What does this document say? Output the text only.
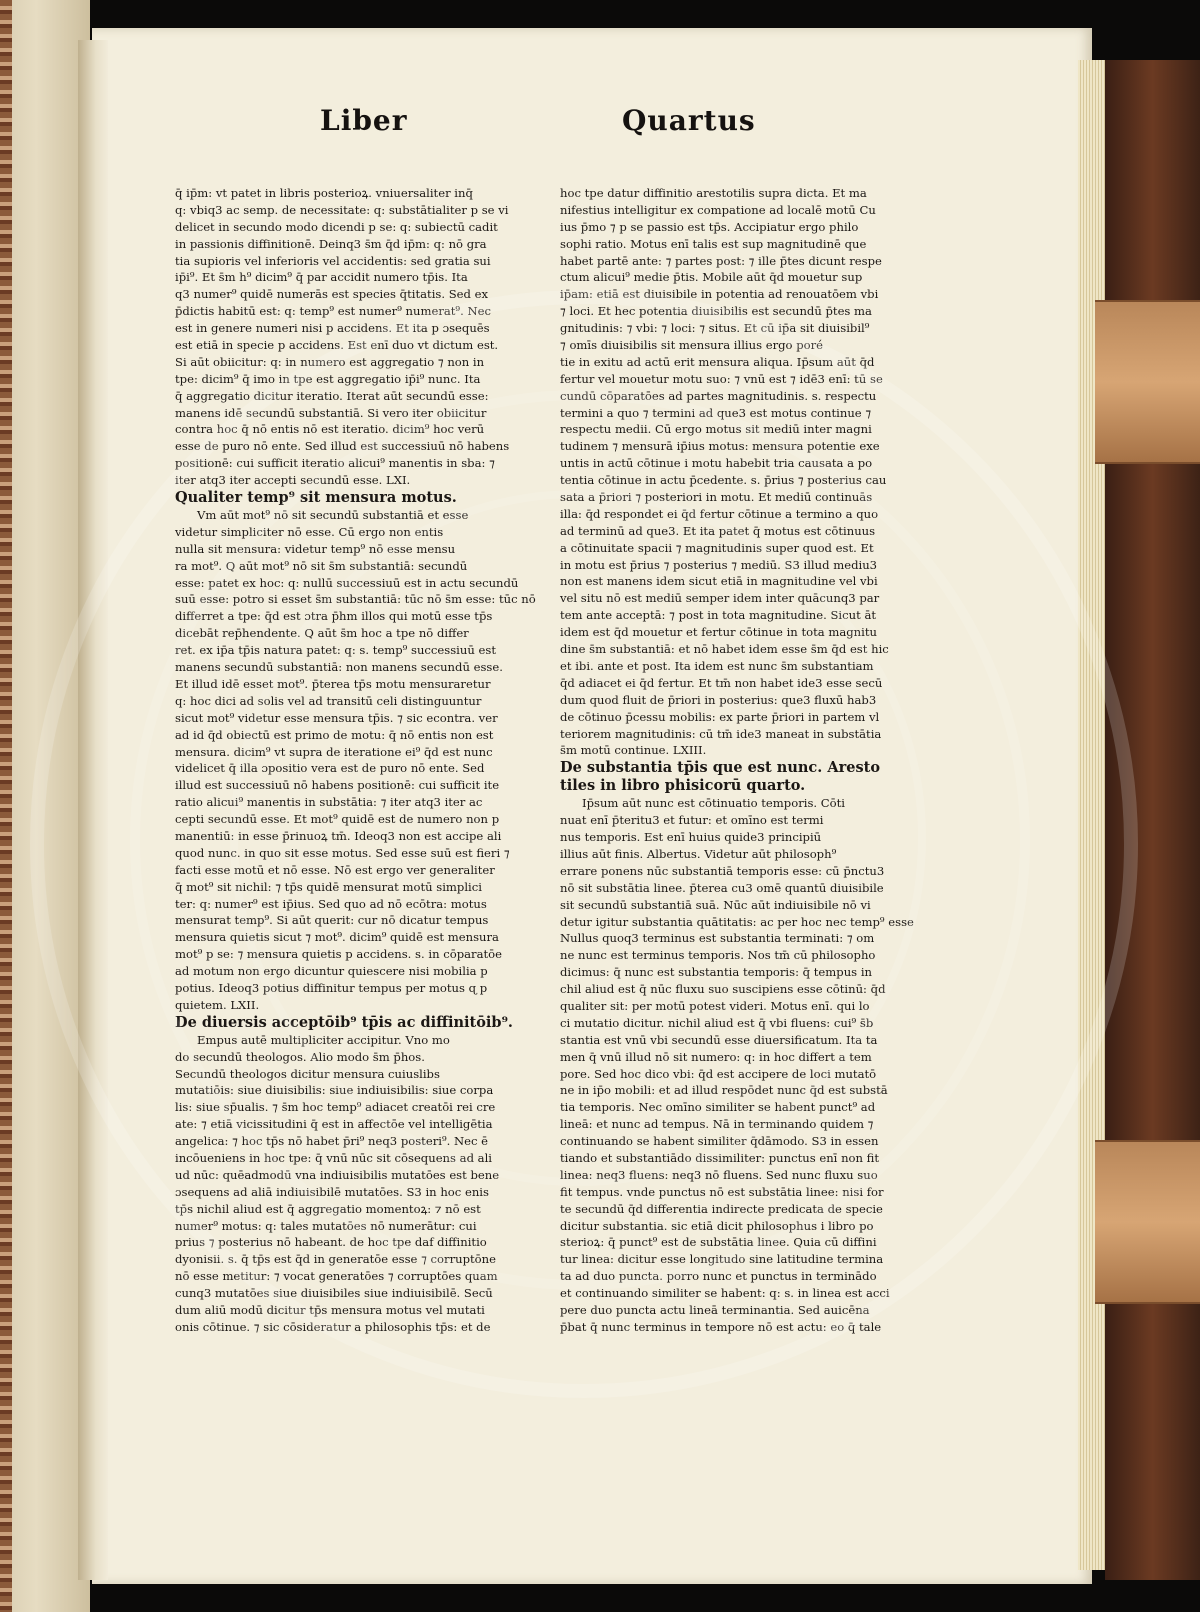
Liber	Quartus
q̄ ip̄m: vt patet in libris posterioꝝ. vniuersaliter inq̄
q: vbiq3 ac semp. de necessitate: q: substātialiter p se vi
delicet in secundo modo dicendi p se: q: subiectū cadit
in passionis diffinitionē. Deinq3 s̄m q̄d ip̄m: q: nō gra
tia supioris vel inferioris vel accidentis: sed gratia sui
ip̄i⁹. Et s̄m h⁹ dicim⁹ q̄ par accidit numero tp̄is. Ita
q3 numer⁹ quidē numerās est species q̄titatis. Sed ex
p̄dictis habitū est: q: temp⁹ est numer⁹ numerat⁹. Nec
est in genere numeri nisi p accidens. Et ita p ɔsequēs
est etiā in specie p accidens. Est enī duo vt dictum est.
Si aūt obiicitur: q: in numero est aggregatio ⁊ non in
tpe: dicim⁹ q̄ imo in tpe est aggregatio ip̄i⁹ nunc. Ita
q̄ aggregatio dicitur iteratio. Iterat aūt secundū esse:
manens idē secundū substantiā. Si vero iter obiicitur
contra hoc q̄ nō entis nō est iteratio. dicim⁹ hoc verū
esse de puro nō ente. Sed illud est successiuū nō habens
positionē: cui sufficit iteratio alicui⁹ manentis in sba: ⁊
iter atq3 iter accepti secundū esse. LXI.
Qualiter temp⁹ sit mensura motus.
Vm aūt mot⁹ nō sit secundū substantiā et esse
videtur simpliciter nō esse. Cū ergo non entis
nulla sit mensura: videtur temp⁹ nō esse mensu
ra mot⁹. Q aūt mot⁹ nō sit s̄m substantiā: secundū
esse: patet ex hoc: q: nullū successiuū est in actu secundū
suū esse: potro si esset s̄m substantiā: tūc nō s̄m esse: tūc nō
differret a tpe: q̄d est ɔtra p̄hm illos qui motū esse tp̄s
dicebāt rep̄hendente. Q aūt s̄m hoc a tpe nō differ
ret. ex ip̄a tp̄is natura patet: q: s. temp⁹ successiuū est
manens secundū substantiā: non manens secundū esse.
Et illud idē esset mot⁹. p̄terea tp̄s motu mensuraretur
q: hoc dici ad solis vel ad transitū celi distinguuntur
sicut mot⁹ videtur esse mensura tp̄is. ⁊ sic econtra. ver
ad id q̄d obiectū est primo de motu: q̄ nō entis non est
mensura. dicim⁹ vt supra de iteratione ei⁹ q̄d est nunc
videlicet q̄ illa ɔpositio vera est de puro nō ente. Sed
illud est successiuū nō habens positionē: cui sufficit ite
ratio alicui⁹ manentis in substātia: ⁊ iter atq3 iter ac
cepti secundū esse. Et mot⁹ quidē est de numero non p
manentiū: in esse p̄rinuoꝝ tm̄. Ideoq3 non est accipe ali
quod nunc. in quo sit esse motus. Sed esse suū est fieri ⁊
facti esse motū et nō esse. Nō est ergo ver generaliter
q̄ mot⁹ sit nichil: ⁊ tp̄s quidē mensurat motū simplici
ter: q: numer⁹ est ip̄ius. Sed quo ad nō ecōtra: motus
mensurat temp⁹. Si aūt querit: cur nō dicatur tempus
mensura quietis sicut ⁊ mot⁹. dicim⁹ quidē est mensura
mot⁹ p se: ⁊ mensura quietis p accidens. s. in cōparatōe
ad motum non ergo dicuntur quiescere nisi mobilia p
potius. Ideoq3 potius diffinitur tempus per motus ɋ p
quietem. LXII.
De diuersis acceptōib⁹ tp̄is ac diffinitōib⁹.
Empus autē multipliciter accipitur. Vno mo
do secundū theologos. Alio modo s̄m p̄hos.
Secundū theologos dicitur mensura cuiuslibs
mutatiōis: siue diuisibilis: siue indiuisibilis: siue corpa
lis: siue sp̄ualis. ⁊ s̄m hoc temp⁹ adiacet creatōi rei cre
ate: ⁊ etiā vicissitudini q̄ est in affectōe vel intelligētia
angelica: ⁊ hoc tp̄s nō habet p̄ri⁹ neq3 posteri⁹. Nec ē
incōueniens in hoc tpe: q̄ vnū nūc sit cōsequens ad ali
ud nūc: quēadmodū vna indiuisibilis mutatōes est bene
ɔsequens ad aliā indiuisibilē mutatōes. S3 in hoc enis
tp̄s nichil aliud est q̄ aggregatio momentoꝝ: ⁊ nō est
numer⁹ motus: q: tales mutatōes nō numerātur: cui
prius ⁊ posterius nō habeant. de hoc tpe daf diffinitio
dyonisii. s. q̄ tp̄s est q̄d in generatōe esse ⁊ corruptōne
nō esse metitur: ⁊ vocat generatōes ⁊ corruptōes quam
cunq3 mutatōes siue diuisibiles siue indiuisibilē. Secū
dum aliū modū dicitur tp̄s mensura motus vel mutati
onis cōtinue. ⁊ sic cōsideratur a philosophis tp̄s: et de
hoc tpe datur diffinitio arestotilis supra dicta. Et ma
nifestius intelligitur ex compatione ad localē motū Cu
ius p̄mo ⁊ p se passio est tp̄s. Accipiatur ergo philo
sophi ratio. Motus enī talis est sup magnitudinē que
habet partē ante: ⁊ partes post: ⁊ ille p̄tes dicunt respe
ctum alicui⁹ medie p̄tis. Mobile aūt q̄d mouetur sup
ip̄am: etiā est diuisibile in potentia ad renouatōem vbi
⁊ loci. Et hec potentia diuisibilis est secundū p̄tes ma
gnitudinis: ⁊ vbi: ⁊ loci: ⁊ situs. Et cū ip̄a sit diuisibil⁹
⁊ omīs diuisibilis sit mensura illius ergo poré
tie in exitu ad actū erit mensura aliqua. Ip̄sum aūt q̄d
fertur vel mouetur motu suo: ⁊ vnū est ⁊ idē3 enī: tū se
cundū cōparatōes ad partes magnitudinis. s. respectu
termini a quo ⁊ termini ad que3 est motus continue ⁊
respectu medii. Cū ergo motus sit mediū inter magni
tudinem ⁊ mensurā ip̄ius motus: mensura potentie exe
untis in actū cōtinue i motu habebit tria causata a po
tentia cōtinue in actu p̄cedente. s. p̄rius ⁊ posterius cau
sata a p̄riori ⁊ posteriori in motu. Et mediū continuās
illa: q̄d respondet ei q̄d fertur cōtinue a termino a quo
ad terminū ad que3. Et ita patet q̄ motus est cōtinuus
a cōtinuitate spacii ⁊ magnitudinis super quod est. Et
in motu est p̄rius ⁊ posterius ⁊ mediū. S3 illud mediu3
non est manens idem sicut etiā in magnitudine vel vbi
vel situ nō est mediū semper idem inter quācunq3 par
tem ante acceptā: ⁊ post in tota magnitudine. Sicut āt
idem est q̄d mouetur et fertur cōtinue in tota magnitu
dine s̄m substantiā: et nō habet idem esse s̄m q̄d est hic
et ibi. ante et post. Ita idem est nunc s̄m substantiam
q̄d adiacet ei q̄d fertur. Et tm̄ non habet ide3 esse secū
dum quod fluit de p̄riori in posterius: que3 fluxū hab3
de cōtinuo p̄cessu mobilis: ex parte p̄riori in partem vl
teriorem magnitudinis: cū tm̄ ide3 maneat in substātia
s̄m motū continue. LXIII.
De substantia tp̄is que est nunc. Aresto
tiles in libro phisicorū quarto.
Ip̄sum aūt nunc est cōtinuatio temporis. Cōti
nuat enī p̄teritu3 et futur: et omīno est termi
nus temporis. Est enī huius quide3 principiū
illius aūt finis. Albertus. Videtur aūt philosoph⁹
errare ponens nūc substantiā temporis esse: cū p̄nctu3
nō sit substātia linee. p̄terea cu3 omē quantū diuisibile
sit secundū substantiā suā. Nūc aūt indiuisibile nō vi
detur igitur substantia quātitatis: ac per hoc nec temp⁹ esse
Nullus quoq3 terminus est substantia terminati: ⁊ om
ne nunc est terminus temporis. Nos tm̄ cū philosopho
dicimus: q̄ nunc est substantia temporis: q̄ tempus in
chil aliud est q̄ nūc fluxu suo suscipiens esse cōtinū: q̄d
qualiter sit: per motū potest videri. Motus enī. qui lo
ci mutatio dicitur. nichil aliud est q̄ vbi fluens: cui⁹ s̄b
stantia est vnū vbi secundū esse diuersificatum. Ita ta
men q̄ vnū illud nō sit numero: q: in hoc differt a tem
pore. Sed hoc dico vbi: q̄d est accipere de loci mutatō
ne in ip̄o mobili: et ad illud respōdet nunc q̄d est substā
tia temporis. Nec omīno similiter se habent punct⁹ ad
lineā: et nunc ad tempus. Nā in terminando quidem ⁊
continuando se habent similiter q̄dāmodo. S3 in essen
tiando et substantiādo dissimiliter: punctus enī non fit
linea: neq3 fluens: neq3 nō fluens. Sed nunc fluxu suo
fit tempus. vnde punctus nō est substātia linee: nisi for
te secundū q̄d differentia indirecte predicata de specie
dicitur substantia. sic etiā dicit philosophus i libro po
sterioꝝ: q̄ punct⁹ est de substātia linee. Quia cū diffini
tur linea: dicitur esse longitudo sine latitudine termina
ta ad duo puncta. porro nunc et punctus in terminādo
et continuando similiter se habent: q: s. in linea est acci
pere duo puncta actu lineā terminantia. Sed auicēna
p̄bat q̄ nunc terminus in tempore nō est actu: eo q̄ tale
